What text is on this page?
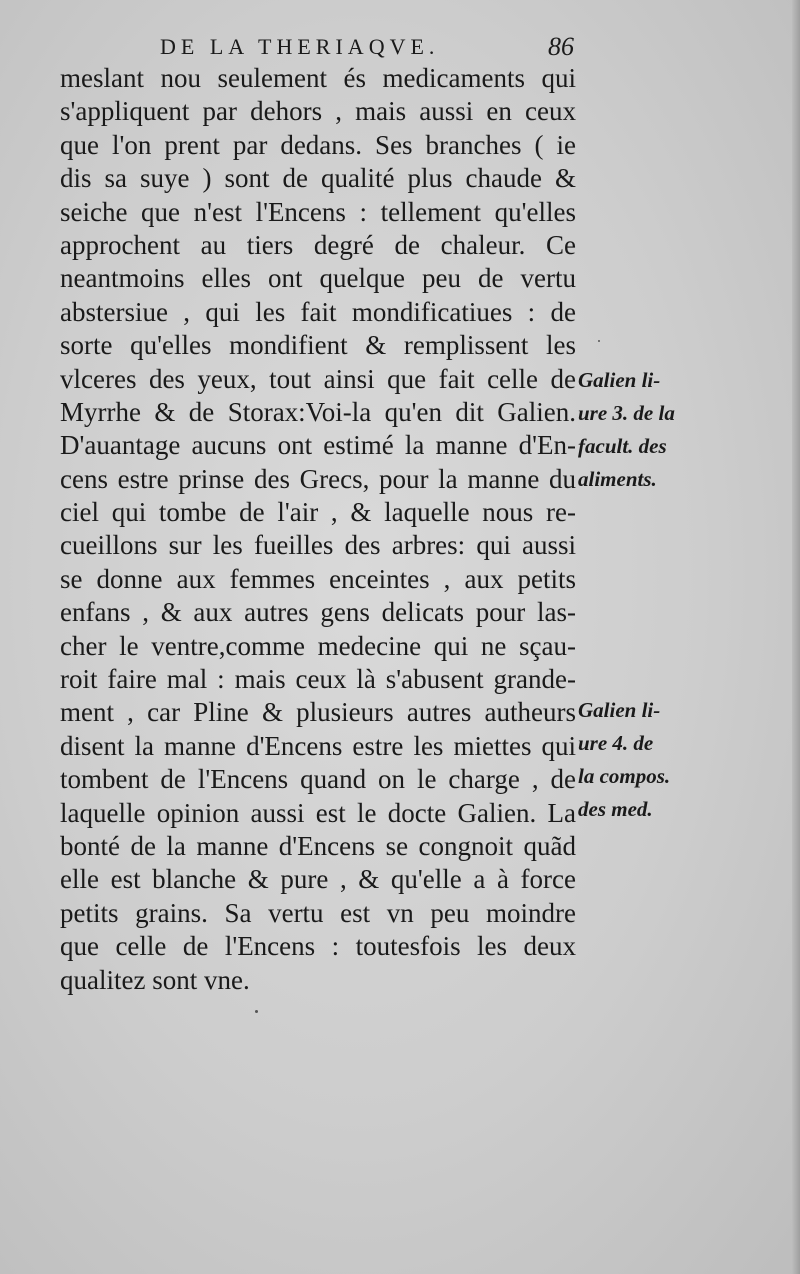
DE LA THERIAQVE.	86
meslant nou seulement és medicaments qui
s'appliquent par dehors , mais aussi en ceux
que l'on prent par dedans. Ses branches ( ie
dis sa suye ) sont de qualité plus chaude &
seiche que n'est l'Encens : tellement qu'elles
approchent au tiers degré de chaleur. Ce
neantmoins elles ont quelque peu de vertu
abstersiue , qui les fait mondificatiues : de
sorte qu'elles mondifient & remplissent les
vlceres des yeux, tout ainsi que fait celle de
Myrrhe & de Storax:Voi-la qu'en dit Galien.
D'auantage aucuns ont estimé la manne d'En-
cens estre prinse des Grecs, pour la manne du
ciel qui tombe de l'air , & laquelle nous re-
cueillons sur les fueilles des arbres: qui aussi
se donne aux femmes enceintes , aux petits
enfans , & aux autres gens delicats pour las-
cher le ventre,comme medecine qui ne sçau-
roit faire mal : mais ceux là s'abusent grande-
ment , car Pline & plusieurs autres autheurs
disent la manne d'Encens estre les miettes qui
tombent de l'Encens quand on le charge , de
laquelle opinion aussi est le docte Galien. La
bonté de la manne d'Encens se congnoit quãd
elle est blanche & pure , & qu'elle a à force
petits grains. Sa vertu est vn peu moindre
que celle de l'Encens : toutesfois les deux
qualitez sont vne.
Galien li-
ure 3. de la
facult. des
aliments.
Galien li-
ure 4. de
la compos.
des med.
